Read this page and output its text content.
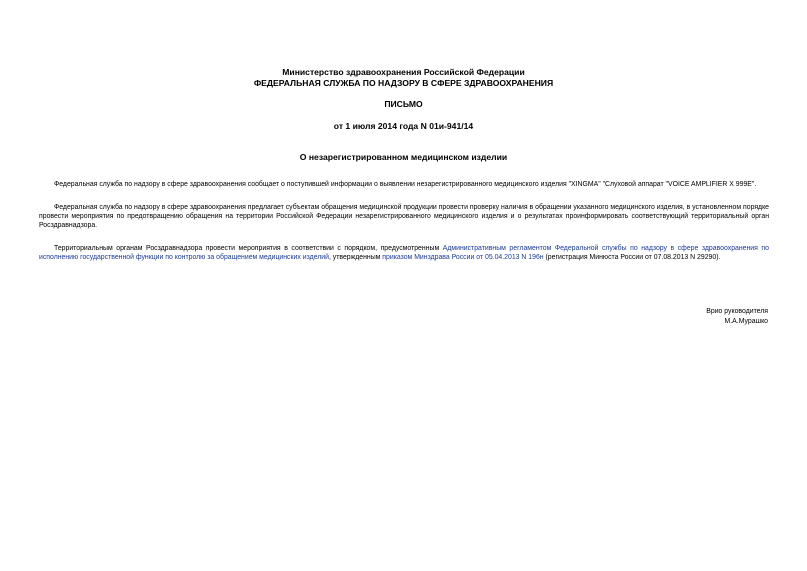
Министерство здравоохранения Российской Федерации
ФЕДЕРАЛЬНАЯ СЛУЖБА ПО НАДЗОРУ В СФЕРЕ ЗДРАВООХРАНЕНИЯ
ПИСЬМО
от 1 июля 2014 года N 01и-941/14
О незарегистрированном медицинском изделии

Федеральная служба по надзору в сфере здравоохранения сообщает о поступившей информации о выявлении незарегистрированного медицинского изделия "XINGMA" "Слуховой аппарат "VOICE AMPLIFIER X 999E".

Федеральная служба по надзору в сфере здравоохранения предлагает субъектам обращения медицинской продукции провести проверку наличия в обращении указанного медицинского изделия, в установленном порядке провести мероприятия по предотвращению обращения на территории Российской Федерации незарегистрированного медицинского изделия и о результатах проинформировать соответствующий территориальный орган Росздравнадзора.

Территориальным органам Росздравнадзора провести мероприятия в соответствии с порядком, предусмотренным Административным регламентом Федеральной службы по надзору в сфере здравоохранения по исполнению государственной функции по контролю за обращением медицинских изделий, утвержденным приказом Минздрава России от 05.04.2013 N 196н (регистрация Минюста России от 07.08.2013 N 29290).

Врио руководителя
М.А.Мурашко
